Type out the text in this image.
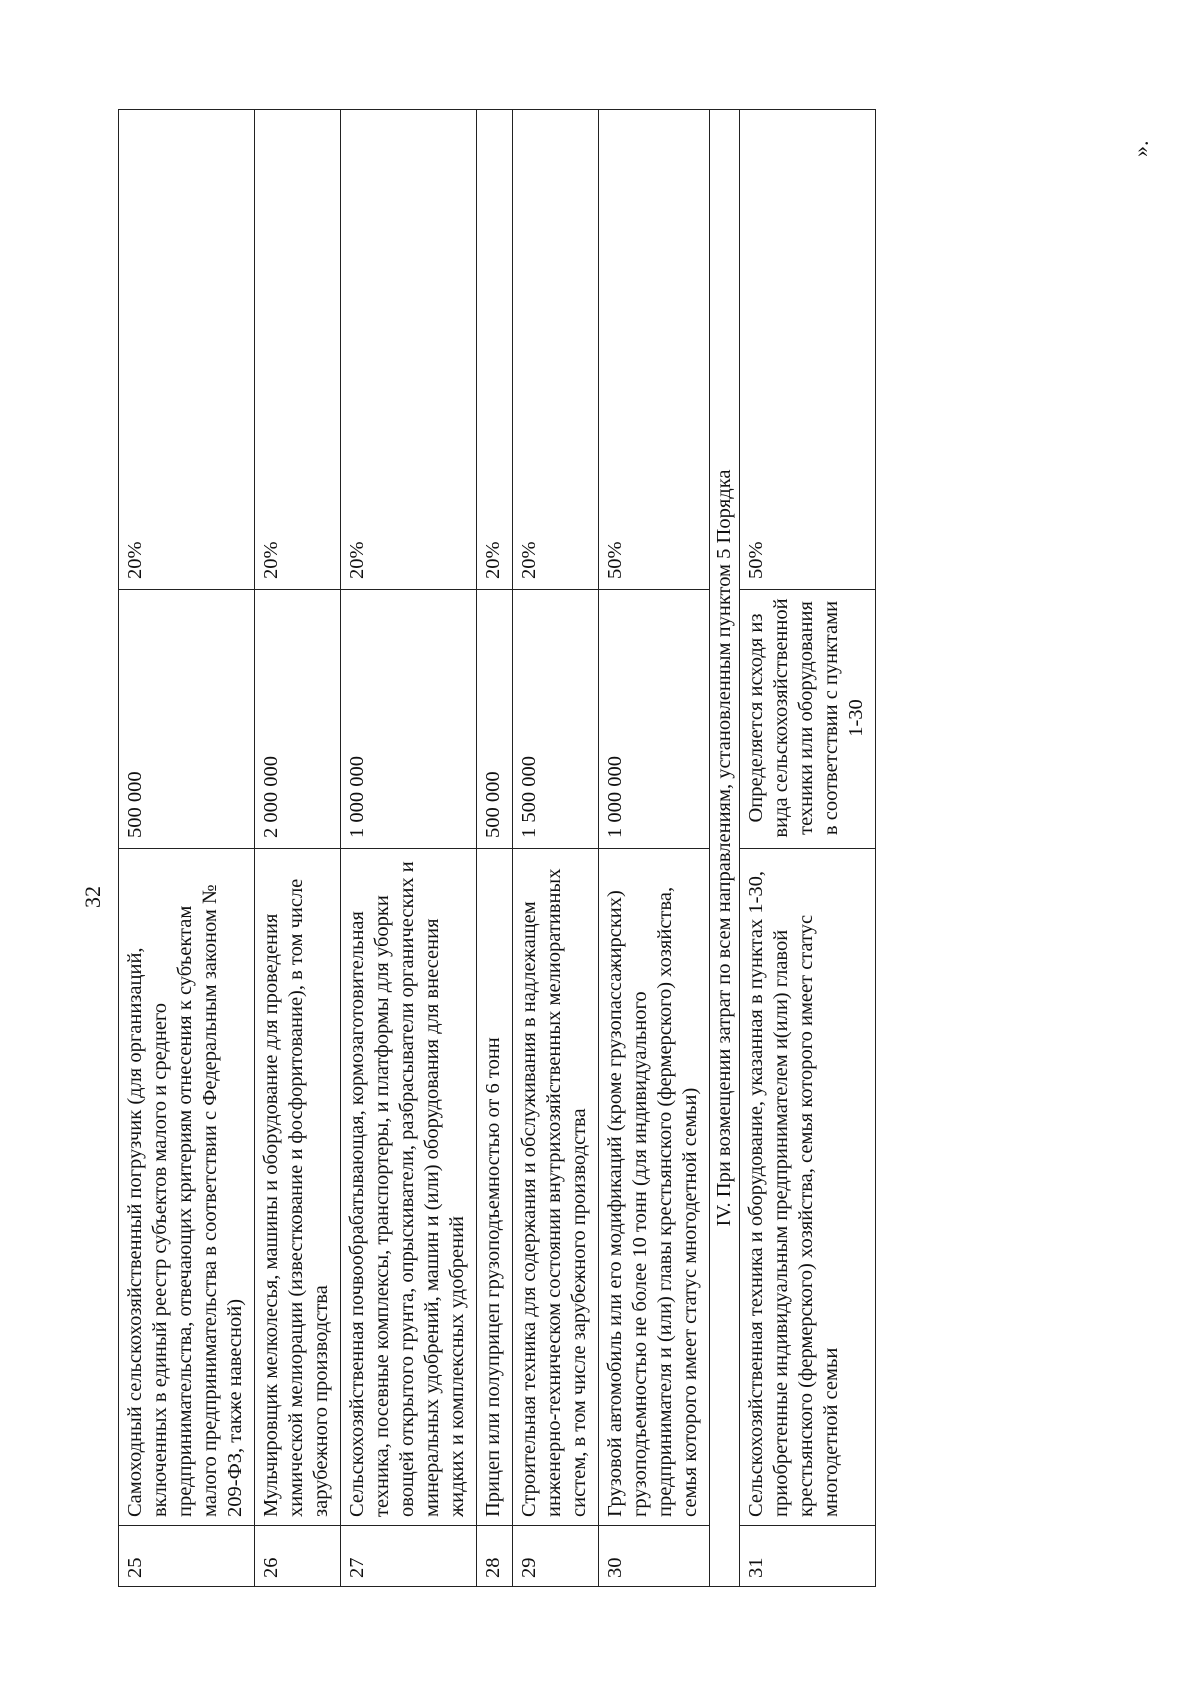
32
25	Самоходный сельскохозяйственный погрузчик (для организаций, включенных в единый реестр субъектов малого и среднего предпринимательства, отвечающих критериям отнесения к субъектам малого предпринимательства в соответствии с Федеральным законом № 209-ФЗ, также навесной)	500 000	20%
26	Мульчировщик мелколесья, машины и оборудование для проведения химической мелиорации (известкование и фосфоритование), в том числе зарубежного производства	2 000 000	20%
27	Сельскохозяйственная почвообрабатывающая, кормозаготовительная техника, посевные комплексы, транспортеры, и платформы для уборки овощей открытого грунта, опрыскиватели, разбрасыватели органических и минеральных удобрений, машин и (или) оборудования для внесения жидких и комплексных удобрений	1 000 000	20%
28	Прицеп или полуприцеп грузоподъемностью от 6 тонн	500 000	20%
29	Строительная техника для содержания и обслуживания в надлежащем инженерно-техническом состоянии внутрихозяйственных мелиоративных систем, в том числе зарубежного производства	1 500 000	20%
30	Грузовой автомобиль или его модификаций (кроме грузопассажирских) грузоподъемностью не более 10 тонн (для индивидуального предпринимателя и (или) главы крестьянского (фермерского) хозяйства, семья которого имеет статус многодетной семьи)	1 000 000	50%
IV. При возмещении затрат по всем направлениям, установленным пунктом 5 Порядка			
31	Сельскохозяйственная техника и оборудование, указанная в пунктах 1-30, приобретенные индивидуальным предпринимателем и(или) главой крестьянского (фермерского) хозяйства, семья которого имеет статус многодетной семьи	Определяется исходя из вида сельскохозяйственной техники или оборудования в соответствии с пунктами 1-30	50%
».
